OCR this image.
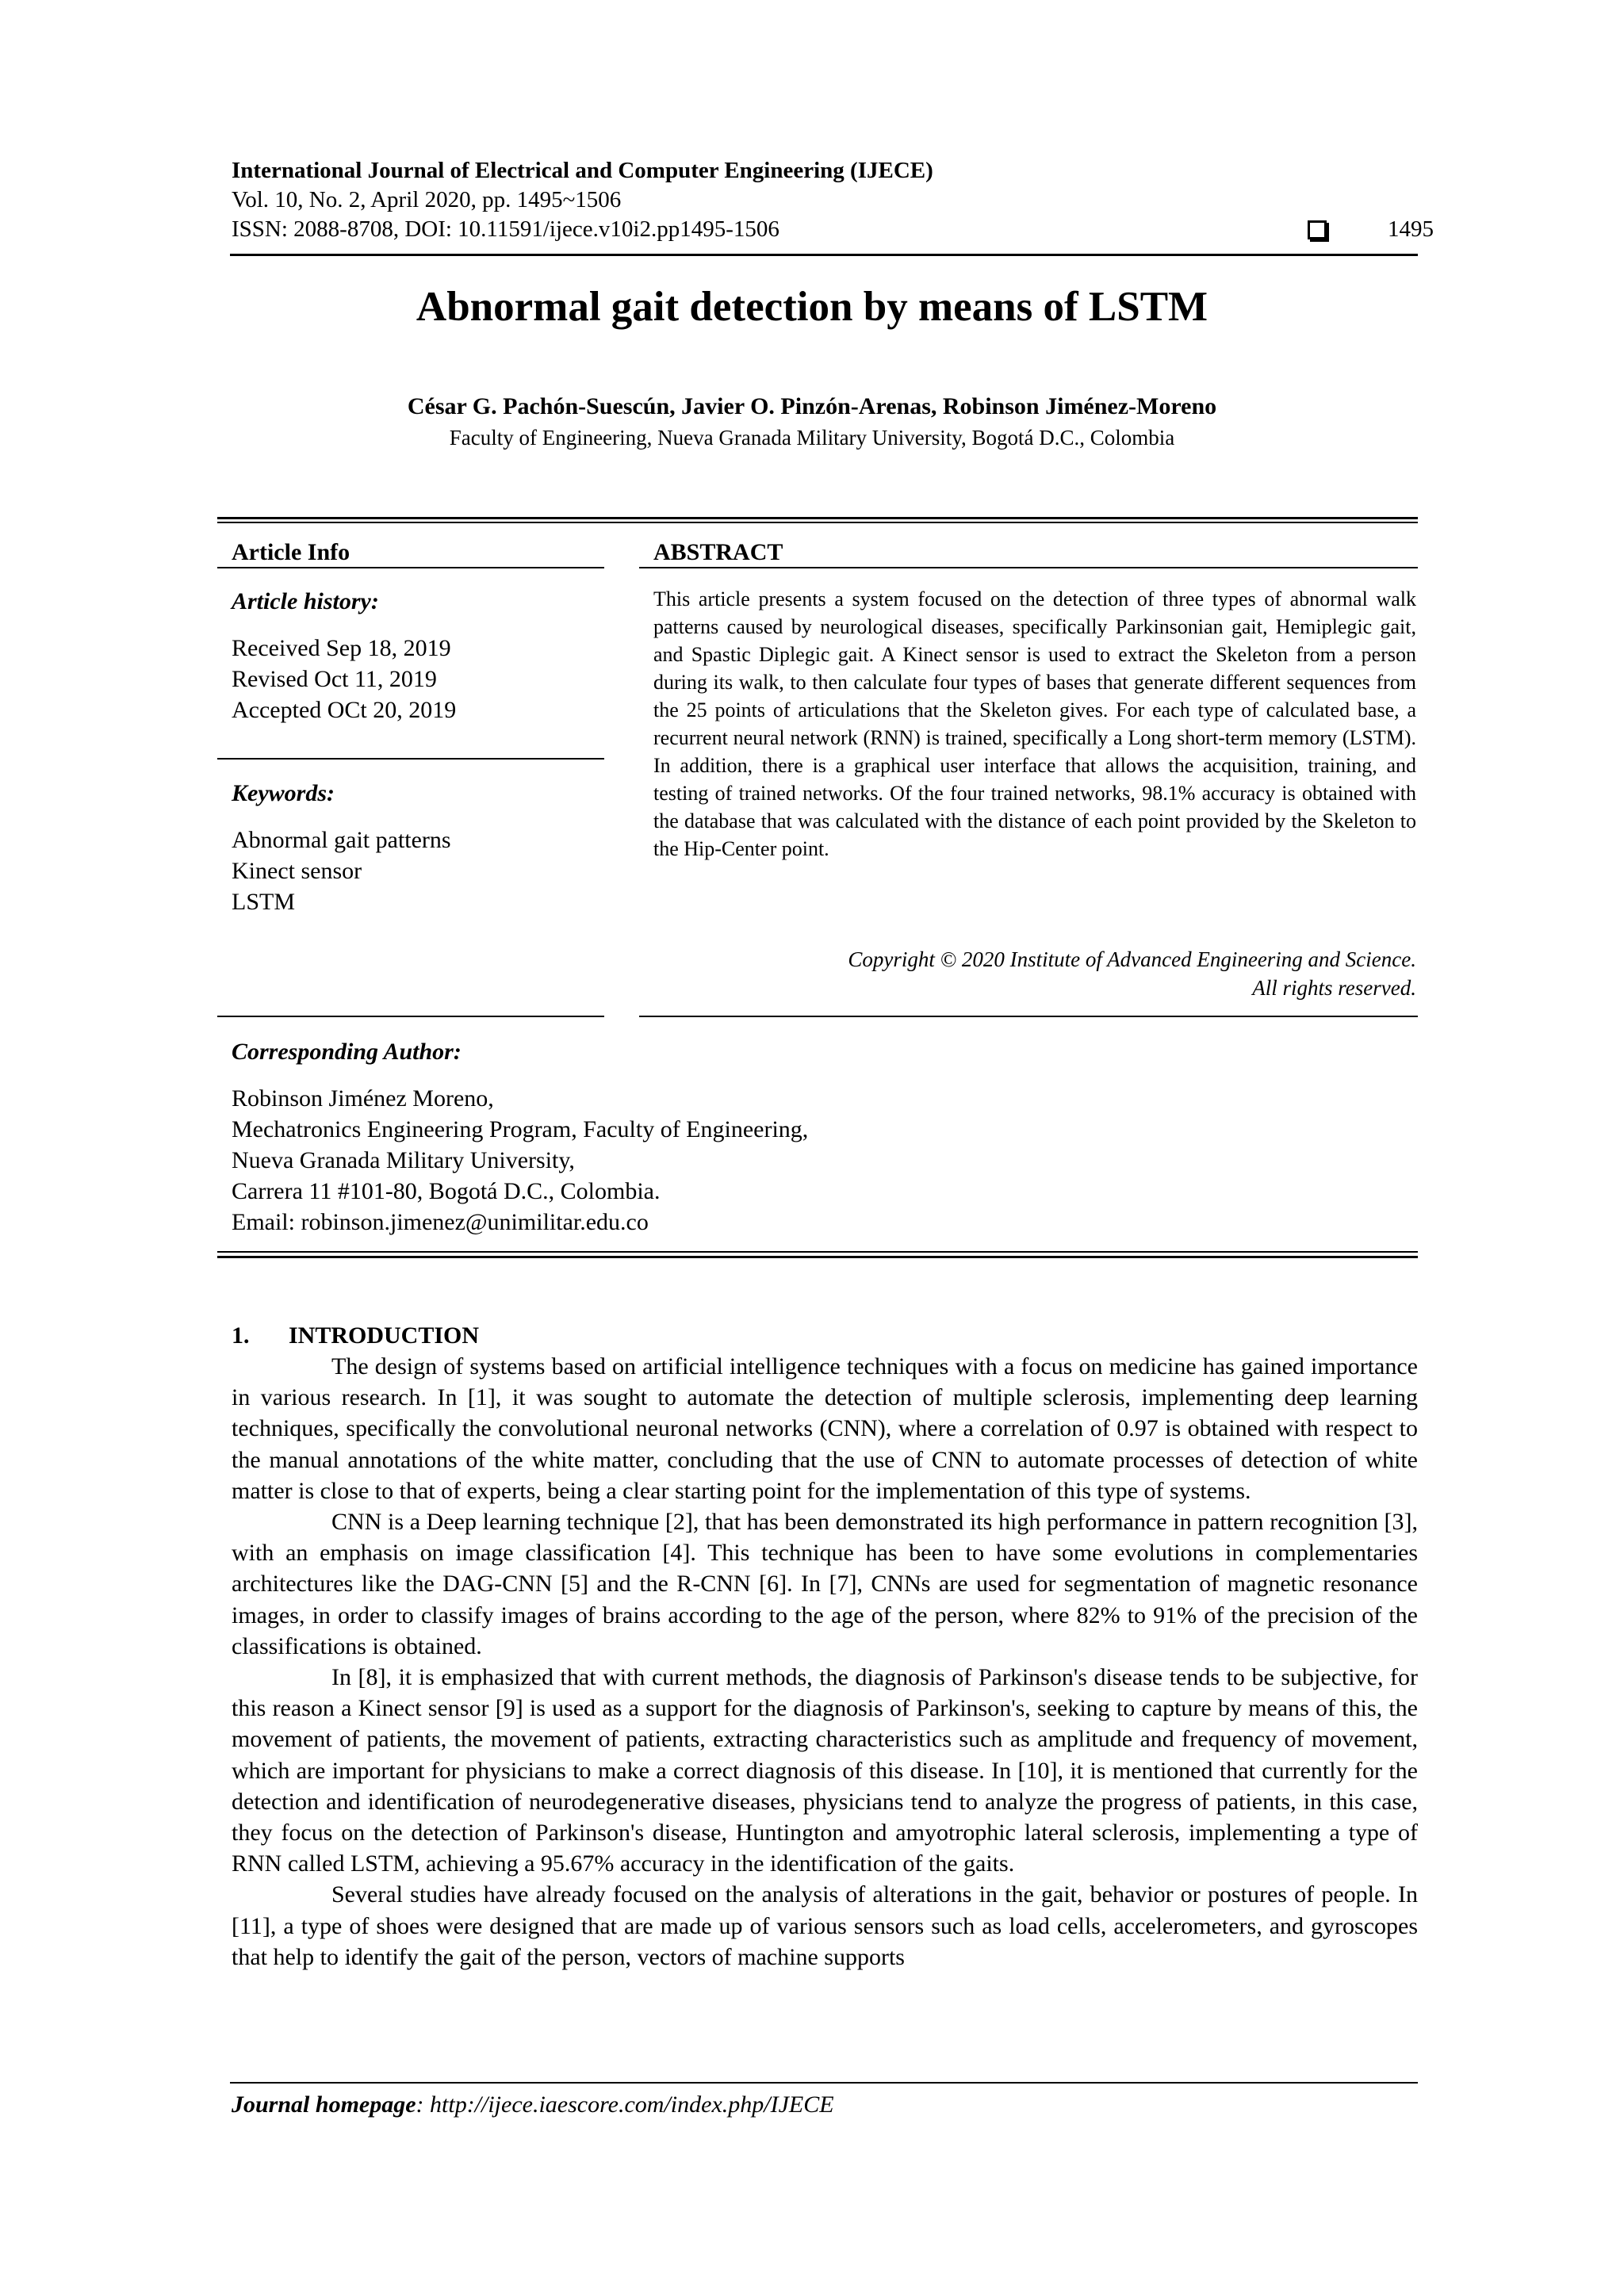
International Journal of Electrical and Computer Engineering (IJECE)
Vol. 10, No. 2, April 2020, pp. 1495~1506
ISSN: 2088-8708, DOI: 10.11591/ijece.v10i2.pp1495-1506	1495
Abnormal gait detection by means of LSTM
César G. Pachón-Suescún, Javier O. Pinzón-Arenas, Robinson Jiménez-Moreno
Faculty of Engineering, Nueva Granada Military University, Bogotá D.C., Colombia
Article Info
Article history:
Received Sep 18, 2019
Revised Oct 11, 2019
Accepted OCt 20, 2019
Keywords:
Abnormal gait patterns
Kinect sensor
LSTM
ABSTRACT
This article presents a system focused on the detection of three types of abnormal walk patterns caused by neurological diseases, specifically Parkinsonian gait, Hemiplegic gait, and Spastic Diplegic gait. A Kinect sensor is used to extract the Skeleton from a person during its walk, to then calculate four types of bases that generate different sequences from the 25 points of articulations that the Skeleton gives. For each type of calculated base, a recurrent neural network (RNN) is trained, specifically a Long short-term memory (LSTM). In addition, there is a graphical user interface that allows the acquisition, training, and testing of trained networks. Of the four trained networks, 98.1% accuracy is obtained with the database that was calculated with the distance of each point provided by the Skeleton to the Hip-Center point.
Copyright © 2020 Institute of Advanced Engineering and Science.
All rights reserved.
Corresponding Author:
Robinson Jiménez Moreno,
Mechatronics Engineering Program, Faculty of Engineering,
Nueva Granada Military University,
Carrera 11 #101-80, Bogotá D.C., Colombia.
Email: robinson.jimenez@unimilitar.edu.co
1. INTRODUCTION

The design of systems based on artificial intelligence techniques with a focus on medicine has gained importance in various research. In [1], it was sought to automate the detection of multiple sclerosis, implementing deep learning techniques, specifically the convolutional neuronal networks (CNN), where a correlation of 0.97 is obtained with respect to the manual annotations of the white matter, concluding that the use of CNN to automate processes of detection of white matter is close to that of experts, being a clear starting point for the implementation of this type of systems.

CNN is a Deep learning technique [2], that has been demonstrated its high performance in pattern recognition [3], with an emphasis on image classification [4]. This technique has been to have some evolutions in complementaries architectures like the DAG-CNN [5] and the R-CNN [6]. In [7], CNNs are used for segmentation of magnetic resonance images, in order to classify images of brains according to the age of the person, where 82% to 91% of the precision of the classifications is obtained.

In [8], it is emphasized that with current methods, the diagnosis of Parkinson's disease tends to be subjective, for this reason a Kinect sensor [9] is used as a support for the diagnosis of Parkinson's, seeking to capture by means of this, the movement of patients, the movement of patients, extracting characteristics such as amplitude and frequency of movement, which are important for physicians to make a correct diagnosis of this disease. In [10], it is mentioned that currently for the detection and identification of neurodegenerative diseases, physicians tend to analyze the progress of patients, in this case, they focus on the detection of Parkinson's disease, Huntington and amyotrophic lateral sclerosis, implementing a type of RNN called LSTM, achieving a 95.67% accuracy in the identification of the gaits.

Several studies have already focused on the analysis of alterations in the gait, behavior or postures of people. In [11], a type of shoes were designed that are made up of various sensors such as load cells, accelerometers, and gyroscopes that help to identify the gait of the person, vectors of machine supports

Journal homepage: http://ijece.iaescore.com/index.php/IJECE
